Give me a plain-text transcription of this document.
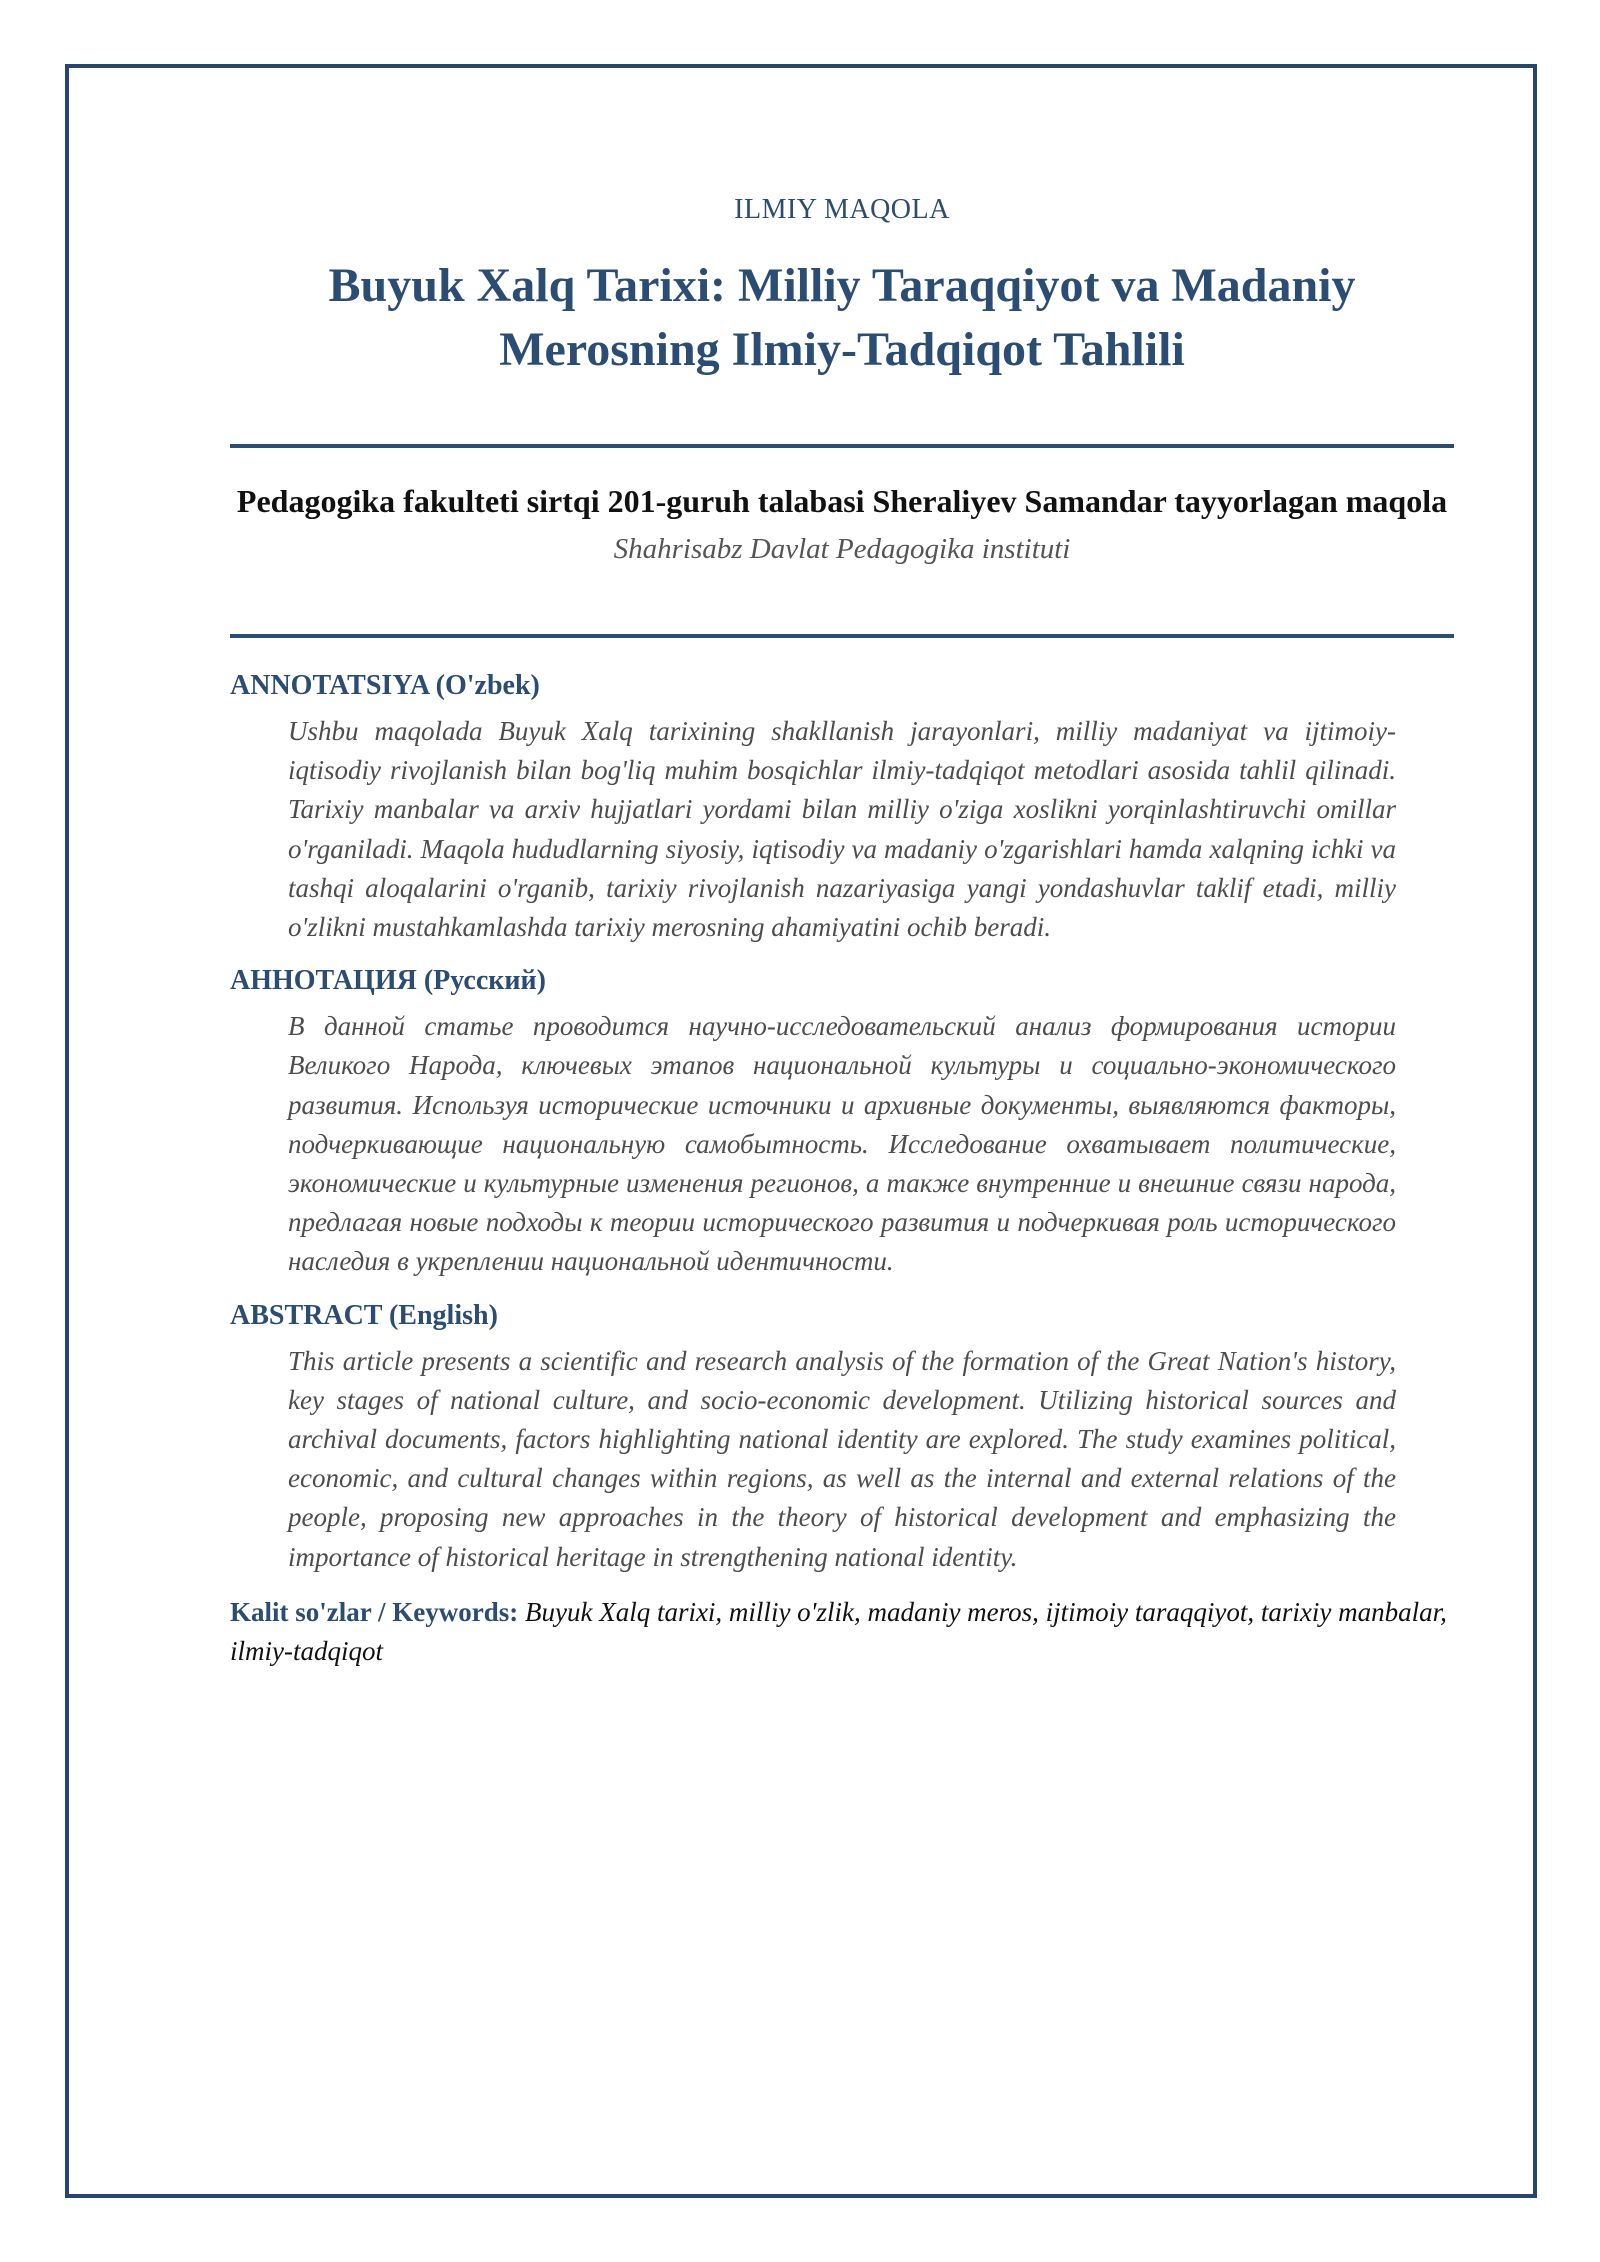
ILMIY MAQOLA

Buyuk Xalq Tarixi: Milliy Taraqqiyot va Madaniy Merosning Ilmiy-Tadqiqot Tahlili

Pedagogika fakulteti sirtqi 201-guruh talabasi Sheraliyev Samandar tayyorlagan maqola

Shahrisabz Davlat Pedagogika instituti

ANNOTATSIYA (O'zbek)

Ushbu maqolada Buyuk Xalq tarixining shakllanish jarayonlari, milliy madaniyat va ijtimoiy-iqtisodiy rivojlanish bilan bog'liq muhim bosqichlar ilmiy-tadqiqot metodlari asosida tahlil qilinadi. Tarixiy manbalar va arxiv hujjatlari yordami bilan milliy o'ziga xoslikni yorqinlashtiruvchi omillar o'rganiladi. Maqola hududlarning siyosiy, iqtisodiy va madaniy o'zgarishlari hamda xalqning ichki va tashqi aloqalarini o'rganib, tarixiy rivojlanish nazariyasiga yangi yondashuvlar taklif etadi, milliy o'zlikni mustahkamlashda tarixiy merosning ahamiyatini ochib beradi.

АННОТАЦИЯ (Русский)

В данной статье проводится научно-исследовательский анализ формирования истории Великого Народа, ключевых этапов национальной культуры и социально-экономического развития. Используя исторические источники и архивные документы, выявляются факторы, подчеркивающие национальную самобытность. Исследование охватывает политические, экономические и культурные изменения регионов, а также внутренние и внешние связи народа, предлагая новые подходы к теории исторического развития и подчеркивая роль исторического наследия в укреплении национальной идентичности.

ABSTRACT (English)

This article presents a scientific and research analysis of the formation of the Great Nation's history, key stages of national culture, and socio-economic development. Utilizing historical sources and archival documents, factors highlighting national identity are explored. The study examines political, economic, and cultural changes within regions, as well as the internal and external relations of the people, proposing new approaches in the theory of historical development and emphasizing the importance of historical heritage in strengthening national identity.

Kalit so'zlar / Keywords: Buyuk Xalq tarixi, milliy o'zlik, madaniy meros, ijtimoiy taraqqiyot, tarixiy manbalar, ilmiy-tadqiqot
